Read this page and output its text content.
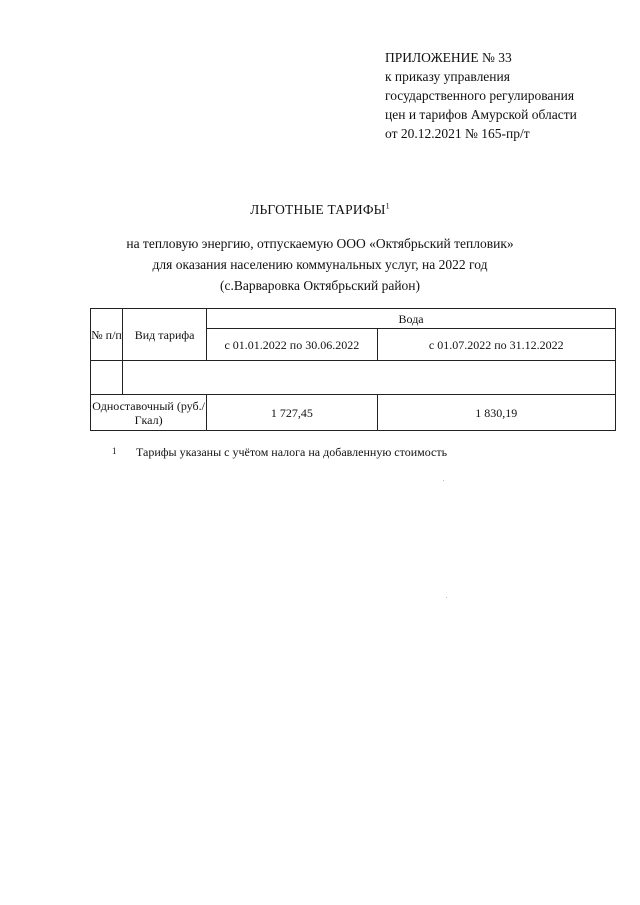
ПРИЛОЖЕНИЕ № 33
к приказу управления
государственного регулирования
цен и тарифов Амурской области
от 20.12.2021 № 165-пр/т
ЛЬГОТНЫЕ ТАРИФЫ$^1$
на тепловую энергию, отпускаемую ООО «Октябрьский тепловик»
для оказания населению коммунальных услуг, на 2022 год
(с.Варваровка Октябрьский район)
№ п/п	Вид тарифа	Вода	
		с 01.01.2022 по 30.06.2022	с 01.07.2022 по 31.12.2022

Одноставочный (руб./Гкал)		1 727,45	1 830,19
1 Тарифы указаны с учётом налога на добавленную стоимость
